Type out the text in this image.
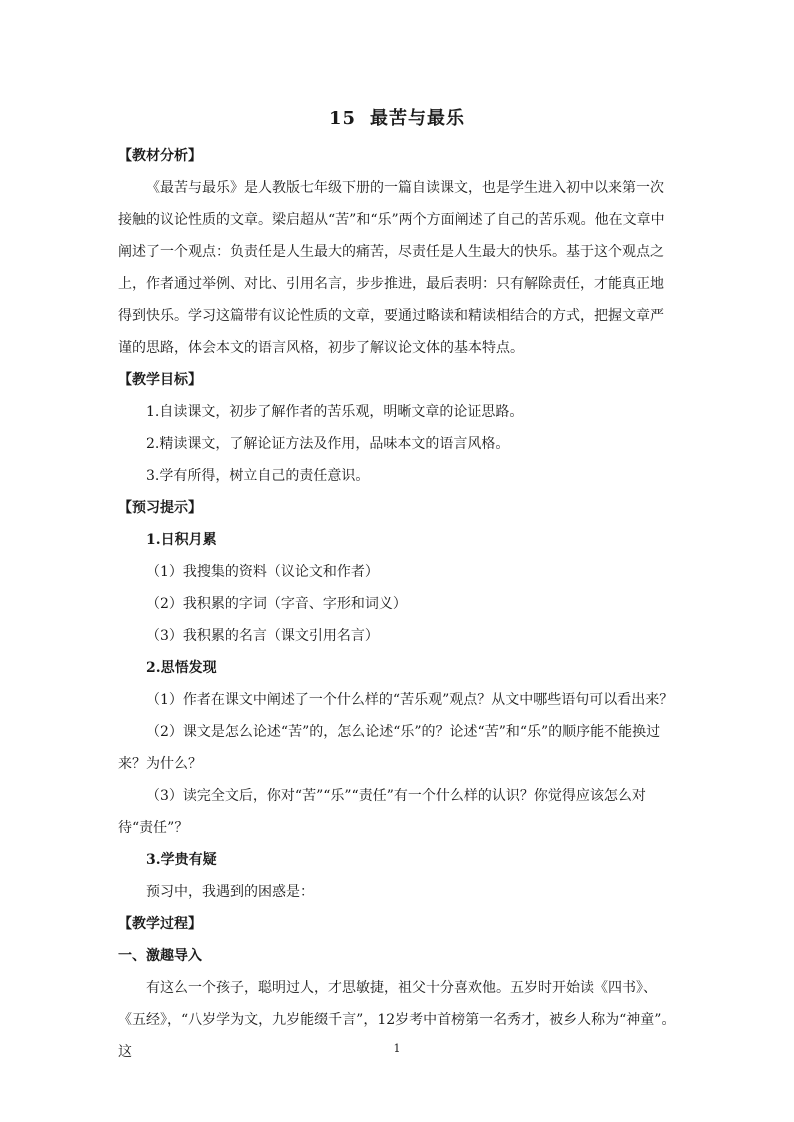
15 最苦与最乐

【教材分析】

《最苦与最乐》是人教版七年级下册的一篇自读课文，也是学生进入初中以来第一次接触的议论性质的文章。梁启超从“苦”和“乐”两个方面阐述了自己的苦乐观。他在文章中阐述了一个观点：负责任是人生最大的痛苦，尽责任是人生最大的快乐。基于这个观点之上，作者通过举例、对比、引用名言，步步推进，最后表明：只有解除责任，才能真正地得到快乐。学习这篇带有议论性质的文章，要通过略读和精读相结合的方式，把握文章严谨的思路，体会本文的语言风格，初步了解议论文体的基本特点。

【教学目标】

1.自读课文，初步了解作者的苦乐观，明晰文章的论证思路。

2.精读课文，了解论证方法及作用，品味本文的语言风格。

3.学有所得，树立自己的责任意识。

【预习提示】

1.日积月累

（1）我搜集的资料（议论文和作者）

（2）我积累的字词（字音、字形和词义）

（3）我积累的名言（课文引用名言）

2.思悟发现

（1）作者在课文中阐述了一个什么样的“苦乐观”观点？从文中哪些语句可以看出来？

（2）课文是怎么论述“苦”的，怎么论述“乐”的？论述“苦”和“乐”的顺序能不能换过来？为什么？

（3）读完全文后，你对“苦”“乐”“责任”有一个什么样的认识？你觉得应该怎么对待“责任”？

3.学贵有疑

预习中，我遇到的困惑是：

【教学过程】

一、激趣导入

有这么一个孩子，聪明过人，才思敏捷，祖父十分喜欢他。五岁时开始读《四书》、《五经》，“八岁学为文，九岁能缀千言”，12岁考中首榜第一名秀才，被乡人称为“神童”。这	1
